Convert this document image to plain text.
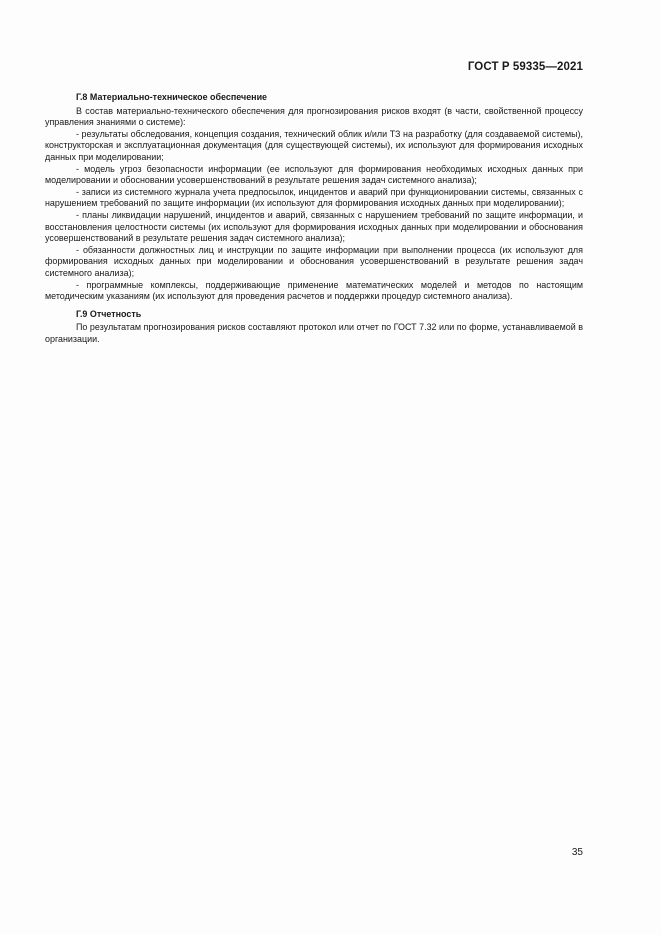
ГОСТ Р 59335—2021

Г.8 Материально-техническое обеспечение

В состав материально-технического обеспечения для прогнозирования рисков входят (в части, свойственной процессу управления знаниями о системе):

- результаты обследования, концепция создания, технический облик и/или ТЗ на разработку (для создаваемой системы), конструкторская и эксплуатационная документация (для существующей системы), их используют для формирования исходных данных при моделировании;

- модель угроз безопасности информации (ее используют для формирования необходимых исходных данных при моделировании и обосновании усовершенствований в результате решения задач системного анализа);

- записи из системного журнала учета предпосылок, инцидентов и аварий при функционировании системы, связанных с нарушением требований по защите информации (их используют для формирования исходных данных при моделировании);

- планы ликвидации нарушений, инцидентов и аварий, связанных с нарушением требований по защите информации, и восстановления целостности системы (их используют для формирования исходных данных при моделировании и обоснования усовершенствований в результате решения задач системного анализа);

- обязанности должностных лиц и инструкции по защите информации при выполнении процесса (их используют для формирования исходных данных при моделировании и обоснования усовершенствований в результате решения задач системного анализа);

- программные комплексы, поддерживающие применение математических моделей и методов по настоящим методическим указаниям (их используют для проведения расчетов и поддержки процедур системного анализа).

Г.9 Отчетность

По результатам прогнозирования рисков составляют протокол или отчет по ГОСТ 7.32 или по форме, устанавливаемой в организации.

35
